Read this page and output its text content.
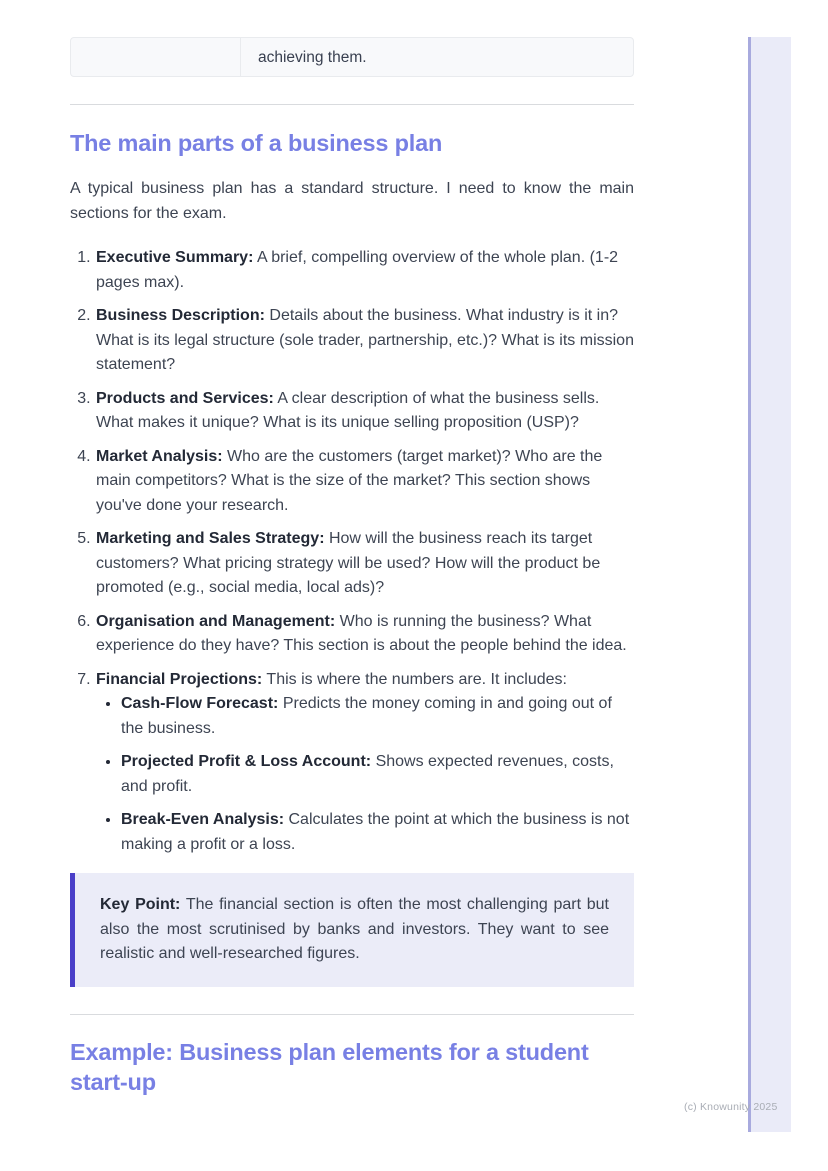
achieving them.
The main parts of a business plan

A typical business plan has a standard structure. I need to know the main sections for the exam.

1. Executive Summary: A brief, compelling overview of the whole plan. (1-2 pages max).
2. Business Description: Details about the business. What industry is it in? What is its legal structure (sole trader, partnership, etc.)? What is its mission statement?
3. Products and Services: A clear description of what the business sells. What makes it unique? What is its unique selling proposition (USP)?
4. Market Analysis: Who are the customers (target market)? Who are the main competitors? What is the size of the market? This section shows you've done your research.
5. Marketing and Sales Strategy: How will the business reach its target customers? What pricing strategy will be used? How will the product be promoted (e.g., social media, local ads)?
6. Organisation and Management: Who is running the business? What experience do they have? This section is about the people behind the idea.
7. Financial Projections: This is where the numbers are. It includes:
• Cash-Flow Forecast: Predicts the money coming in and going out of the business.
• Projected Profit & Loss Account: Shows expected revenues, costs, and profit.
• Break-Even Analysis: Calculates the point at which the business is not making a profit or a loss.
Key Point: The financial section is often the most challenging part but also the most scrutinised by banks and investors. They want to see realistic and well-researched figures.
Example: Business plan elements for a student start-up
(c) Knowunity 2025
